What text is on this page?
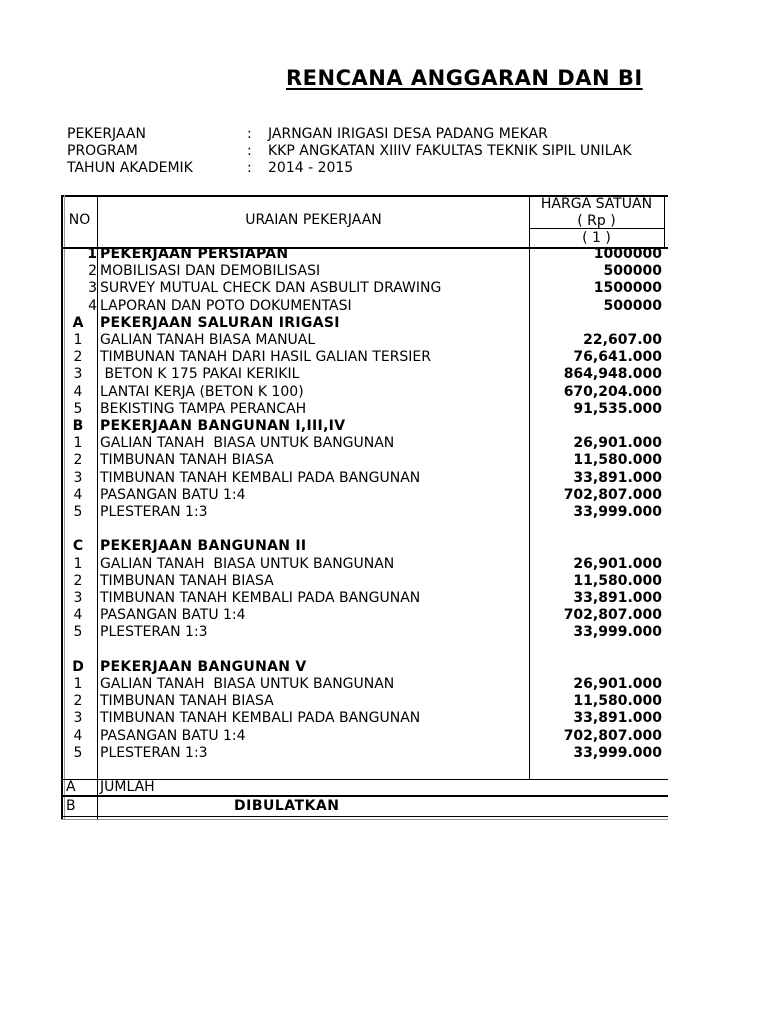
RENCANA ANGGARAN DAN BI
PEKERJAAN	: JARNGAN IRIGASI DESA PADANG MEKAR
PROGRAM	: KKP ANGKATAN XIIIV FAKULTAS TEKNIK SIPIL UNILAK
TAHUN AKADEMIK	: 2014 - 2015
NO	URAIAN PEKERJAAN
HARGA SATUAN
( Rp )
( 1 )
1 PEKERJAAN PERSIAPAN	1000000
2 MOBILISASI DAN DEMOBILISASI	500000
3 SURVEY MUTUAL CHECK DAN ASBULIT DRAWING	1500000
4 LAPORAN DAN POTO DOKUMENTASI	500000
A	PEKERJAAN SALURAN IRIGASI
1	GALIAN TANAH BIASA MANUAL	22,607.00
2	TIMBUNAN TANAH DARI HASIL GALIAN TERSIER	76,641.000
3	BETON K 175 PAKAI KERIKIL	864,948.000
4	LANTAI KERJA (BETON K 100)	670,204.000
5	BEKISTING TAMPA PERANCAH	91,535.000
B	PEKERJAAN BANGUNAN I,III,IV
1	GALIAN TANAH  BIASA UNTUK BANGUNAN	26,901.000
2	TIMBUNAN TANAH BIASA	11,580.000
3	TIMBUNAN TANAH KEMBALI PADA BANGUNAN	33,891.000
4	PASANGAN BATU 1:4	702,807.000
5	PLESTERAN 1:3	33,999.000
C	PEKERJAAN BANGUNAN II
1	GALIAN TANAH  BIASA UNTUK BANGUNAN	26,901.000
2	TIMBUNAN TANAH BIASA	11,580.000
3	TIMBUNAN TANAH KEMBALI PADA BANGUNAN	33,891.000
4	PASANGAN BATU 1:4	702,807.000
5	PLESTERAN 1:3	33,999.000
D	PEKERJAAN BANGUNAN V
1	GALIAN TANAH  BIASA UNTUK BANGUNAN	26,901.000
2	TIMBUNAN TANAH BIASA	11,580.000
3	TIMBUNAN TANAH KEMBALI PADA BANGUNAN	33,891.000
4	PASANGAN BATU 1:4	702,807.000
5	PLESTERAN 1:3	33,999.000
A JUMLAH
B	DIBULATKAN
